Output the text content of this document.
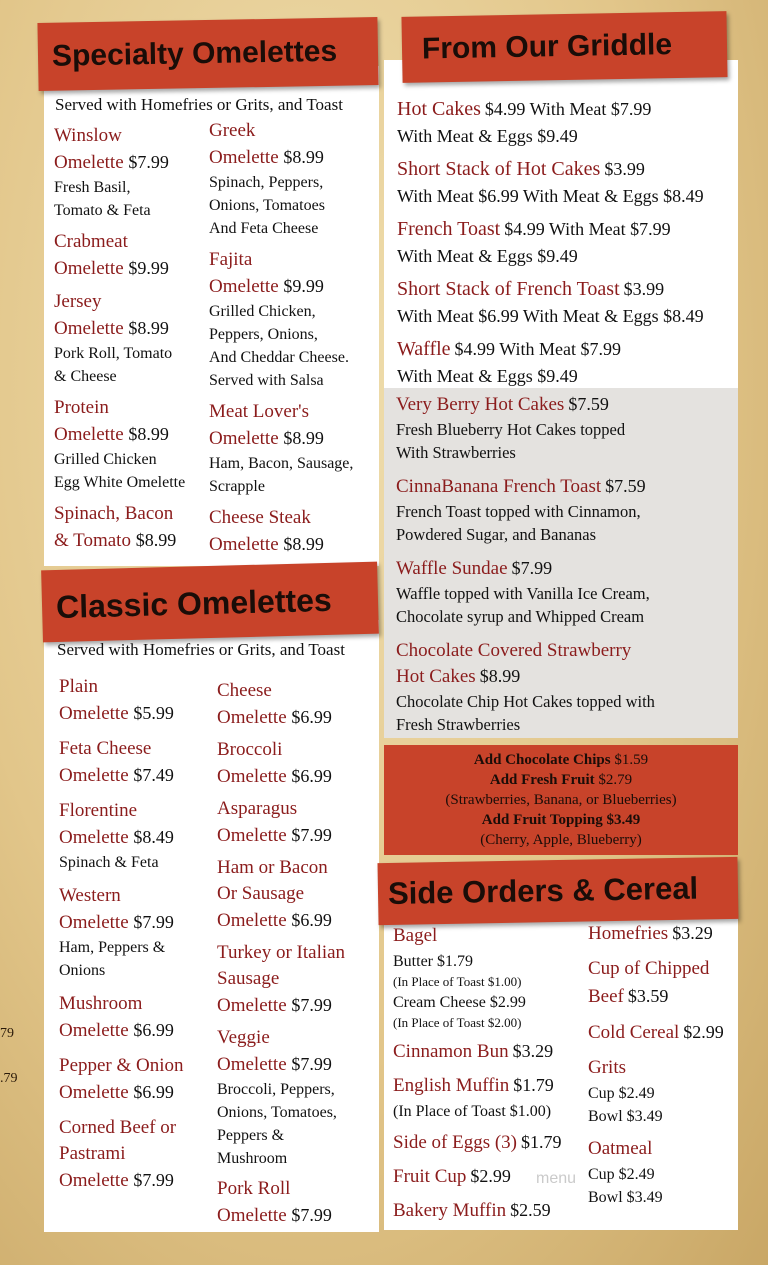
79
.79
Specialty Omelettes
Served with Homefries or Grits, and Toast
Winslow
Omelette $7.99
Fresh Basil,
Tomato & Feta
Crabmeat
Omelette $9.99
Jersey
Omelette $8.99
Pork Roll, Tomato
& Cheese
Protein
Omelette $8.99
Grilled Chicken
Egg White Omelette
Spinach, Bacon
& Tomato $8.99
Greek
Omelette $8.99
Spinach, Peppers,
Onions, Tomatoes
And Feta Cheese
Fajita
Omelette $9.99
Grilled Chicken,
Peppers, Onions,
And Cheddar Cheese.
Served with Salsa
Meat Lover's
Omelette $8.99
Ham, Bacon, Sausage,
Scrapple
Cheese Steak
Omelette $8.99
Classic Omelettes
Served with Homefries or Grits, and Toast
Plain
Omelette $5.99
Feta Cheese
Omelette $7.49
Florentine
Omelette $8.49
Spinach & Feta
Western
Omelette $7.99
Ham, Peppers &
Onions
Mushroom
Omelette $6.99
Pepper & Onion
Omelette $6.99
Corned Beef or
Pastrami
Omelette $7.99
Cheese
Omelette $6.99
Broccoli
Omelette $6.99
Asparagus
Omelette $7.99
Ham or Bacon
Or Sausage
Omelette $6.99
Turkey or Italian
Sausage
Omelette $7.99
Veggie
Omelette $7.99
Broccoli, Peppers,
Onions, Tomatoes,
Peppers &
Mushroom
Pork Roll
Omelette $7.99
From Our Griddle
Hot Cakes $4.99 With Meat $7.99
With Meat & Eggs $9.49
Short Stack of Hot Cakes $3.99
With Meat $6.99 With Meat & Eggs $8.49
French Toast $4.99 With Meat $7.99
With Meat & Eggs $9.49
Short Stack of French Toast $3.99
With Meat $6.99 With Meat & Eggs $8.49
Waffle $4.99 With Meat $7.99
With Meat & Eggs $9.49
Very Berry Hot Cakes $7.59
Fresh Blueberry Hot Cakes topped
With Strawberries
CinnaBanana French Toast $7.59
French Toast topped with Cinnamon,
Powdered Sugar, and Bananas
Waffle Sundae $7.99
Waffle topped with Vanilla Ice Cream,
Chocolate syrup and Whipped Cream
Chocolate Covered Strawberry
Hot Cakes $8.99
Chocolate Chip Hot Cakes topped with
Fresh Strawberries
Add Chocolate Chips $1.59
Add Fresh Fruit $2.79
(Strawberries, Banana, or Blueberries)
Add Fruit Topping $3.49
(Cherry, Apple, Blueberry)
Side Orders & Cereal
Bagel
Butter $1.79
(In Place of Toast $1.00)
Cream Cheese $2.99
(In Place of Toast $2.00)
Cinnamon Bun $3.29
English Muffin $1.79
(In Place of Toast $1.00)
Side of Eggs (3) $1.79
Fruit Cup $2.99
Bakery Muffin $2.59
Homefries $3.29
Cup of Chipped
Beef $3.59
Cold Cereal $2.99
Grits
Cup $2.49
Bowl $3.49
Oatmeal
Cup $2.49
Bowl $3.49
menu
